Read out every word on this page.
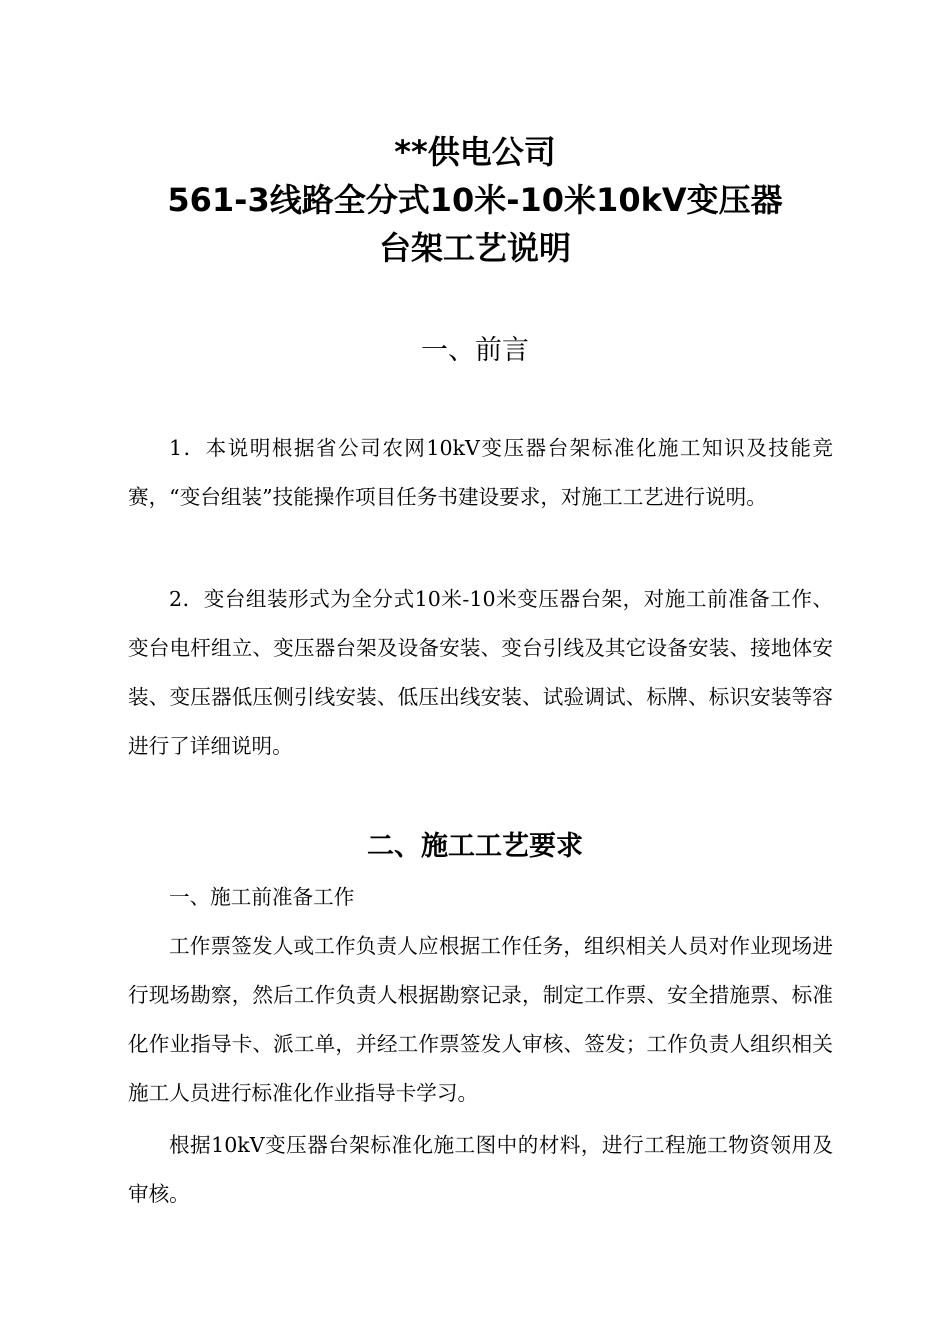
**供电公司
561-3线路全分式10米-10米10kV变压器
台架工艺说明
一、前言

1．本说明根据省公司农网10kV变压器台架标准化施工知识及技能竞赛，“变台组装”技能操作项目任务书建设要求，对施工工艺进行说明。

2．变台组装形式为全分式10米-10米变压器台架，对施工前准备工作、变台电杆组立、变压器台架及设备安装、变台引线及其它设备安装、接地体安装、变压器低压侧引线安装、低压出线安装、试验调试、标牌、标识安装等容进行了详细说明。

二、施工工艺要求
一、施工前准备工作

工作票签发人或工作负责人应根据工作任务，组织相关人员对作业现场进行现场勘察，然后工作负责人根据勘察记录，制定工作票、安全措施票、标准化作业指导卡、派工单，并经工作票签发人审核、签发；工作负责人组织相关施工人员进行标准化作业指导卡学习。

根据10kV变压器台架标准化施工图中的材料，进行工程施工物资领用及审核。
